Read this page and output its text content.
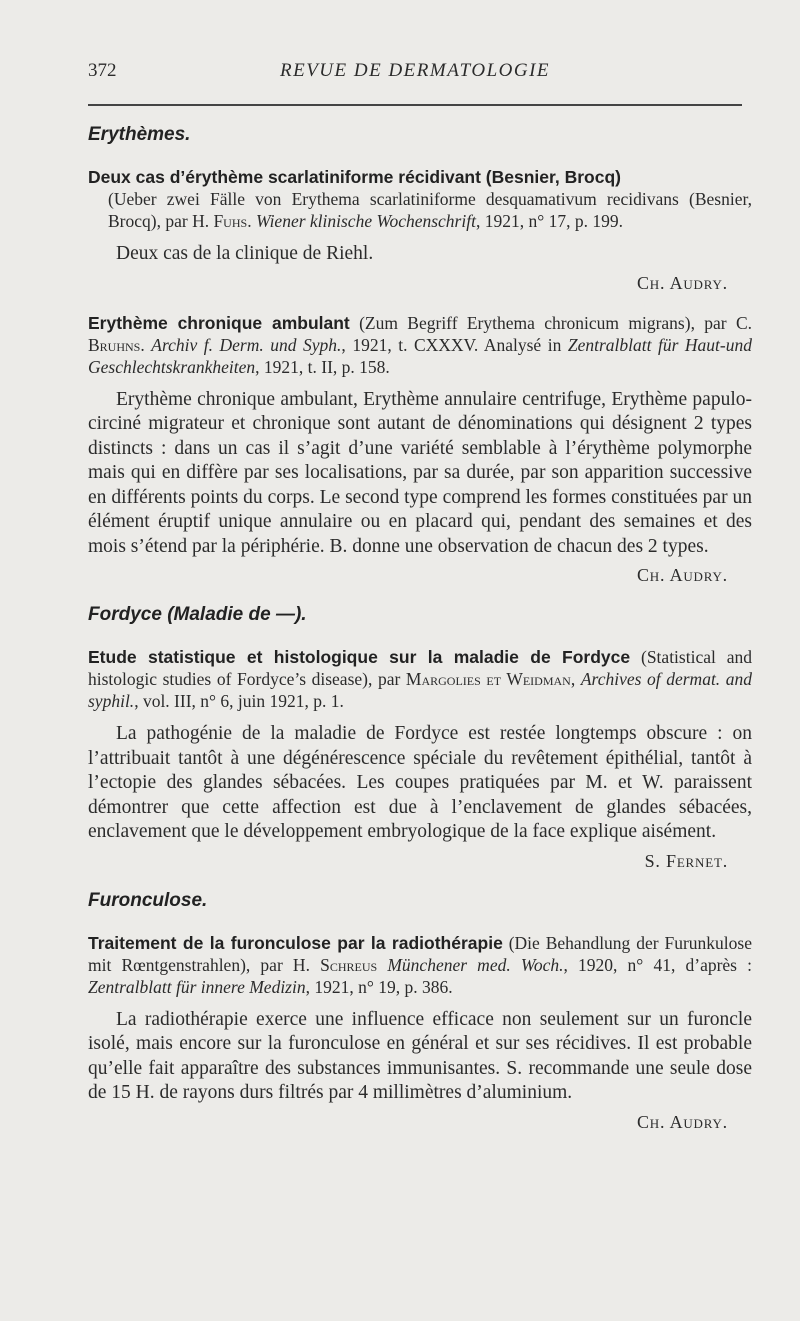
372	REVUE DE DERMATOLOGIE
Erythèmes.

Deux cas d’érythème scarlatiniforme récidivant (Besnier, Brocq)
(Ueber zwei Fälle von Erythema scarlatiniforme desquamativum recidivans (Besnier, Brocq), par H. Fuhs. Wiener klinische Wochenschrift, 1921, n° 17, p. 199.

Deux cas de la clinique de Riehl.

Ch. Audry.

Erythème chronique ambulant (Zum Begriff Erythema chronicum migrans), par C. Bruhns. Archiv f. Derm. und Syph., 1921, t. CXXXV. Analysé in Zentralblatt für Haut-und Geschlechtskrankheiten, 1921, t. II, p. 158.

Erythème chronique ambulant, Erythème annulaire centrifuge, Erythème papulo-circiné migrateur et chronique sont autant de dénominations qui désignent 2 types distincts : dans un cas il s’agit d’une variété semblable à l’érythème polymorphe mais qui en diffère par ses localisations, par sa durée, par son apparition successive en différents points du corps. Le second type comprend les formes constituées par un élément éruptif unique annulaire ou en placard qui, pendant des semaines et des mois s’étend par la périphérie. B. donne une observation de chacun des 2 types.

Ch. Audry.
Fordyce (Maladie de —).

Etude statistique et histologique sur la maladie de Fordyce (Statistical and histologic studies of Fordyce’s disease), par Margolies et Weidman, Archives of dermat. and syphil., vol. III, n° 6, juin 1921, p. 1.

La pathogénie de la maladie de Fordyce est restée longtemps obscure : on l’attribuait tantôt à une dégénérescence spéciale du revêtement épithélial, tantôt à l’ectopie des glandes sébacées. Les coupes pratiquées par M. et W. paraissent démontrer que cette affection est due à l’enclavement de glandes sébacées, enclavement que le développement embryologique de la face explique aisément.

S. Fernet.
Furonculose.

Traitement de la furonculose par la radiothérapie (Die Behandlung der Furunkulose mit Rœntgenstrahlen), par H. Schreus Münchener med. Woch., 1920, n° 41, d’après : Zentralblatt für innere Medizin, 1921, n° 19, p. 386.

La radiothérapie exerce une influence efficace non seulement sur un furoncle isolé, mais encore sur la furonculose en général et sur ses récidives. Il est probable qu’elle fait apparaître des substances immunisantes. S. recommande une seule dose de 15 H. de rayons durs filtrés par 4 millimètres d’aluminium.

Ch. Audry.
